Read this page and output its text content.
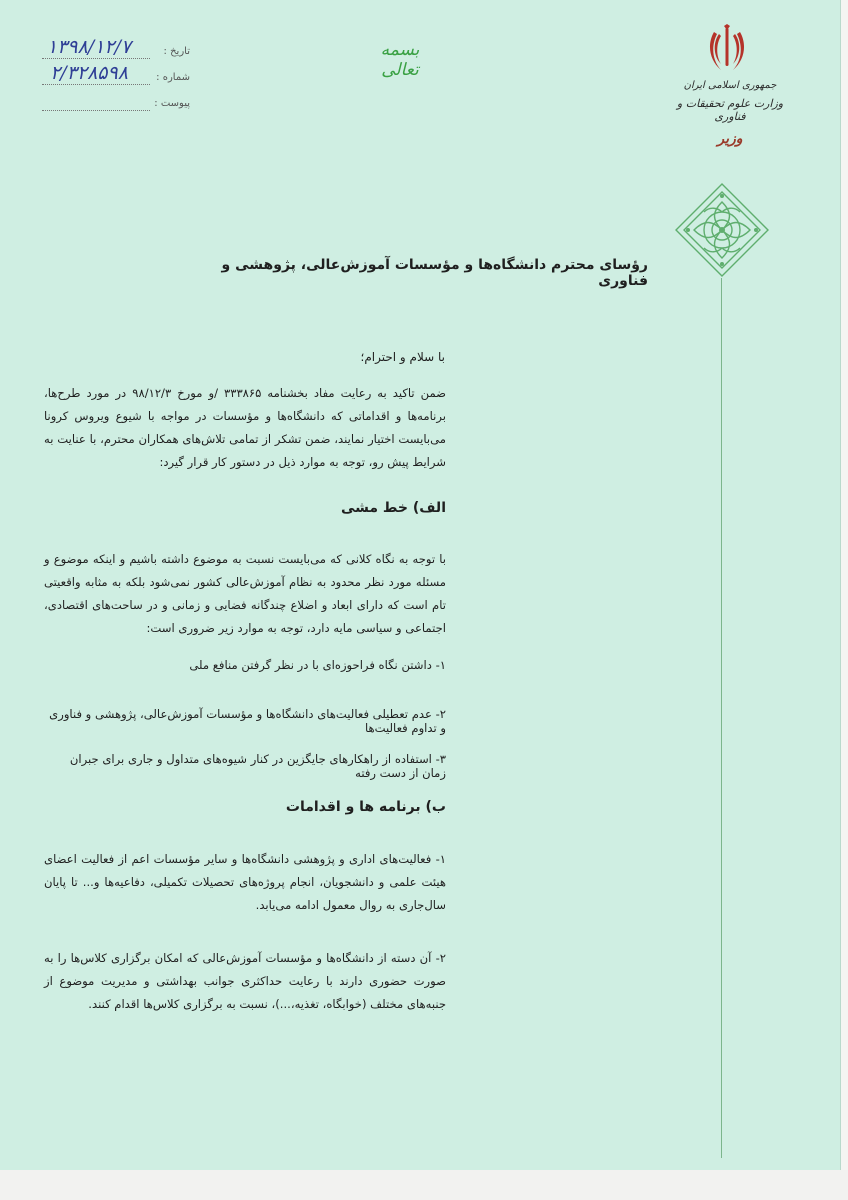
۱۳۹۸/۱۲/۷	تاریخ :
۲/۳۲۸۵۹۸	شماره :
پیوست :
بسمه تعالی
جمهوری اسلامی ایران
وزارت علوم تحقیقات و فناوری
وزیر
رؤسای محترم دانشگاه‌ها و مؤسسات آموزش‌عالی، پژوهشی و فناوری
با سلام و احترام؛
ضمن تاکید به رعایت مفاد بخشنامه ۳۳۳۸۶۵ /و مورخ ۹۸/۱۲/۳ در مورد طرح‌ها، برنامه‌ها و اقداماتی که دانشگاه‌ها و مؤسسات در مواجه با شیوع ویروس کرونا می‌بایست اختیار نمایند، ضمن تشکر از تمامی تلاش‌های همکاران محترم، با عنایت به شرایط پیش رو، توجه به موارد ذیل در دستور کار قرار گیرد:
الف) خط مشی
با توجه به نگاه کلانی که می‌بایست نسبت به موضوع داشته باشیم و اینکه موضوع و مسئله مورد نظر محدود به نظام آموزش‌عالی کشور نمی‌شود بلکه به مثابه واقعیتی تام است که دارای ابعاد و اضلاع چندگانه فضایی و زمانی و در ساحت‌های اقتصادی، اجتماعی و سیاسی مایه دارد، توجه به موارد زیر ضروری است:
۱- داشتن نگاه فراحوزه‌ای با در نظر گرفتن منافع ملی
۲- عدم تعطیلی فعالیت‌های دانشگاه‌ها و مؤسسات آموزش‌عالی، پژوهشی و فناوری و تداوم فعالیت‌ها
۳- استفاده از راهکارهای جایگزین در کنار شیوه‌های متداول و جاری برای جبران زمان از دست رفته
ب) برنامه ها و اقدامات
۱- فعالیت‌های اداری و پژوهشی دانشگاه‌ها و سایر مؤسسات اعم از فعالیت اعضای هیئت علمی و دانشجویان، انجام پروژه‌های تحصیلات تکمیلی، دفاعیه‌ها و... تا پایان سال‌جاری به روال معمول ادامه می‌یابد.
۲- آن دسته از دانشگاه‌ها و مؤسسات آموزش‌عالی که امکان برگزاری کلاس‌ها را به صورت حضوری دارند با رعایت حداکثری جوانب بهداشتی و مدیریت موضوع از جنبه‌های مختلف (خوابگاه، تغذیه،...)، نسبت به برگزاری کلاس‌ها اقدام کنند.
